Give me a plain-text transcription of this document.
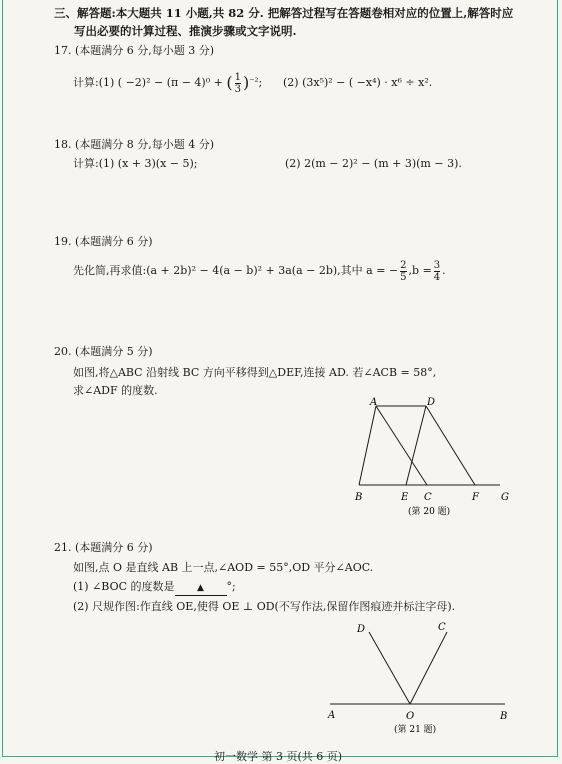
三、解答题:本大题共 11 小题,共 82 分. 把解答过程写在答题卷相对应的位置上,解答时应
写出必要的计算过程、推演步骤或文字说明.
17. (本题满分 6 分,每小题 3 分)
计算:(1) ( −2)² − (π − 4)⁰ + ( $\frac{1}{3} )^{-2}$; (2) (3x⁵)² − ( −x⁴) · x⁶ ÷ x².
18. (本题满分 8 分,每小题 4 分)
计算:(1) (x + 3)(x − 5);	(2) 2(m − 2)² − (m + 3)(m − 3).
19. (本题满分 6 分)
先化简,再求值:(a + 2b)² − 4(a − b)² + 3a(a − 2b),其中 a = − $\frac{2}{5} ,b = \frac{3}{4}$ .
20. (本题满分 5 分)
如图,将△ABC 沿射线 BC 方向平移得到△DEF,连接 AD. 若∠ACB = 58°,
求∠ADF 的度数.
A	D
B	E C	F G
(第 20 题)
21. (本题满分 6 分)
如图,点 O 是直线 AB 上一点,∠AOD = 55°,OD 平分∠AOC.
(1) ∠BOC 的度数是	▲ °;
(2) 尺规作图:作直线 OE,使得 OE ⊥ OD(不写作法,保留作图痕迹并标注字母).
D	C
A	O	B
(第 21 题)
初一数学 第 3 页(共 6 页)
